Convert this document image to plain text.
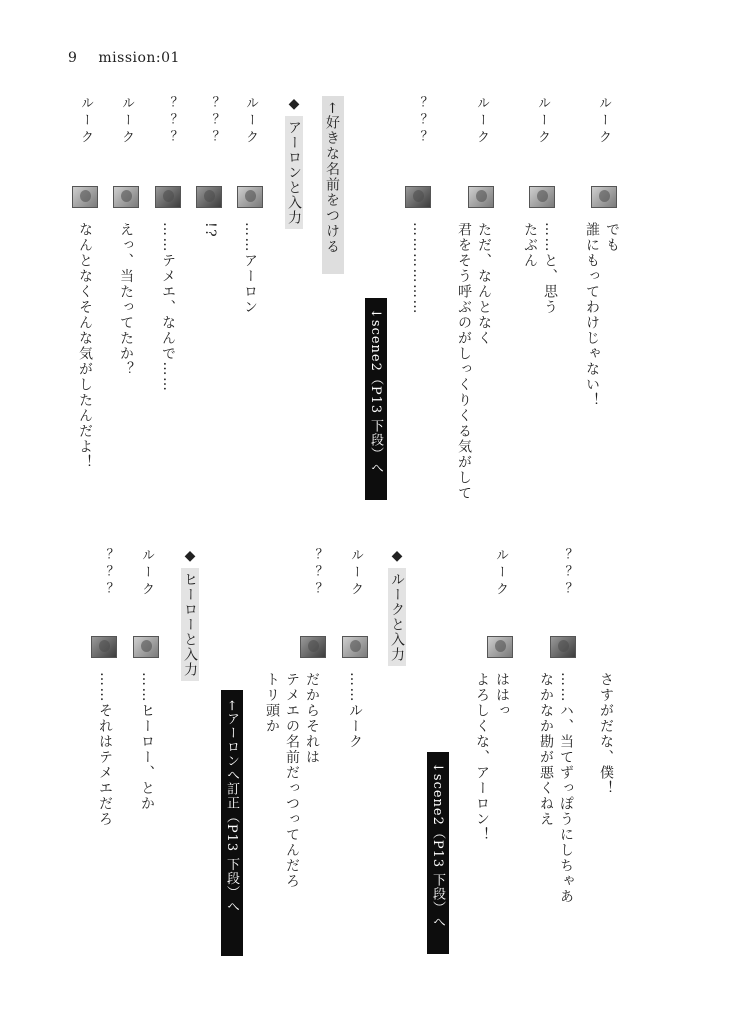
9 mission:01
ルーク
でも
誰にもってわけじゃない！
ルーク
……と、思う
たぶん
ルーク
ただ、なんとなく
君をそう呼ぶのがしっくりくる気がして
？？？
………………
↓scene2（P13 下段）へ
←好きな名前をつける
◆アーロンと入力
ルーク
……アーロン
？？？
!?
？？？
……テメエ、なんで……
ルーク
えっ、当たってたか？
ルーク
なんとなくそんな気がしたんだよ！
さすがだな、僕！
？？？
……ハ、当てずっぽうにしちゃあ
なかなか勘が悪くねえ
ルーク
ははっ
よろしくな、アーロン！
↓scene2（P13 下段）へ
◆ルークと入力
ルーク
……ルーク
？？？
だからそれは
テメエの名前だっつってんだろ
トリ頭か
←アーロンへ訂正（P13 下段）へ
◆ヒーローと入力
ルーク
……ヒーロー、とか
？？？
……それはテメエだろ
